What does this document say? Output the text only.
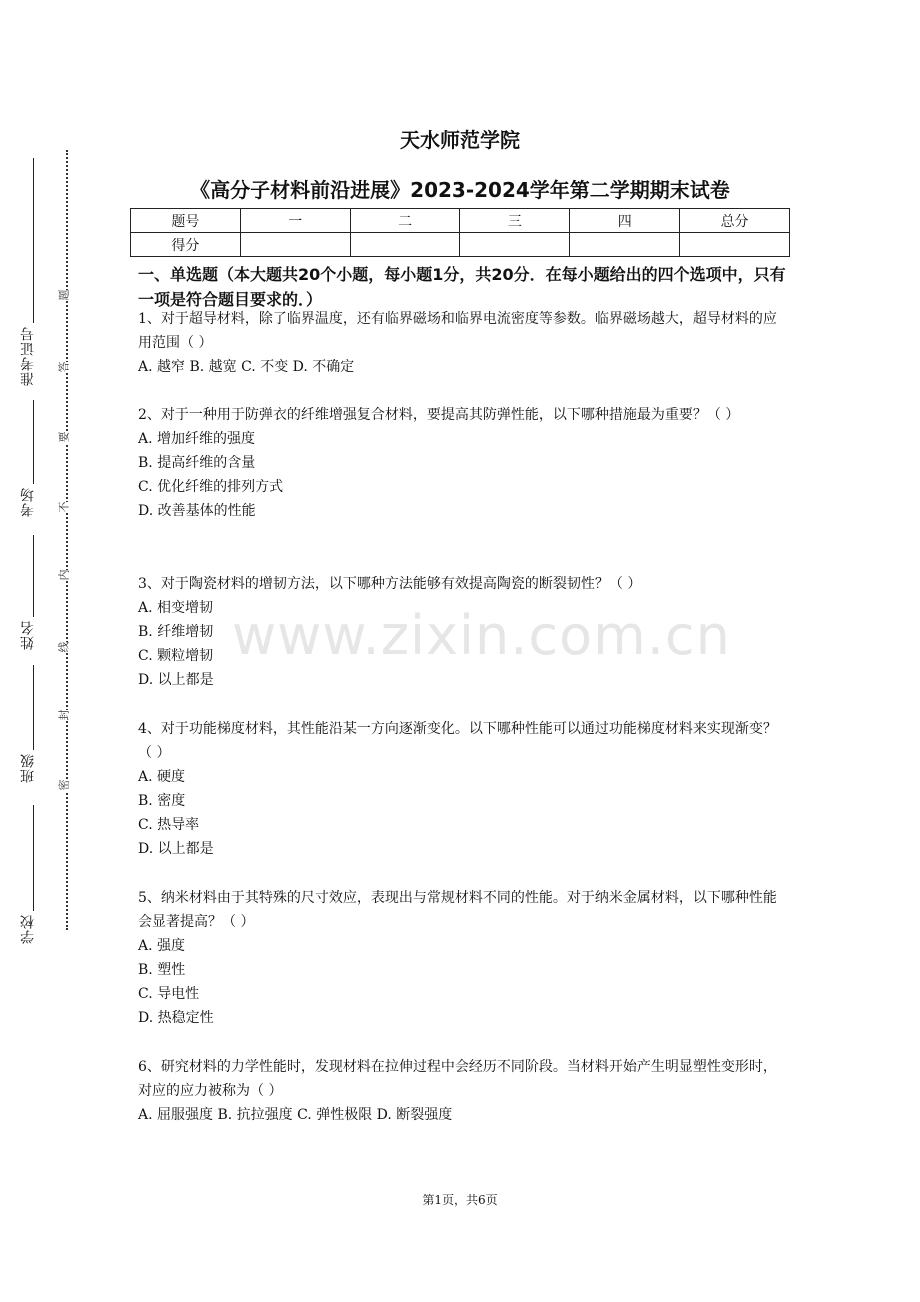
准考证号
考场
姓名
班级
学校
题
答
要
不
内
线
封
密
天水师范学院
《高分子材料前沿进展》2023-2024学年第二学期期末试卷
题号	一	二	三	四	总分
得分					
一、单选题（本大题共20个小题，每小题1分，共20分．在每小题给出的四个选项中，只有一项是符合题目要求的．）

1、对于超导材料，除了临界温度，还有临界磁场和临界电流密度等参数。临界磁场越大，超导材料的应用范围（ ）

A. 越窄 B. 越宽 C. 不变 D. 不确定

2、对于一种用于防弹衣的纤维增强复合材料，要提高其防弹性能，以下哪种措施最为重要？（ ）

A. 增加纤维的强度

B. 提高纤维的含量

C. 优化纤维的排列方式

D. 改善基体的性能

3、对于陶瓷材料的增韧方法，以下哪种方法能够有效提高陶瓷的断裂韧性？（ ）

A. 相变增韧

B. 纤维增韧

C. 颗粒增韧

D. 以上都是

4、对于功能梯度材料，其性能沿某一方向逐渐变化。以下哪种性能可以通过功能梯度材料来实现渐变？（ ）

A. 硬度

B. 密度

C. 热导率

D. 以上都是

5、纳米材料由于其特殊的尺寸效应，表现出与常规材料不同的性能。对于纳米金属材料，以下哪种性能会显著提高？（ ）

A. 强度

B. 塑性

C. 导电性

D. 热稳定性

6、研究材料的力学性能时，发现材料在拉伸过程中会经历不同阶段。当材料开始产生明显塑性变形时，对应的应力被称为（ ）

A. 屈服强度 B. 抗拉强度 C. 弹性极限 D. 断裂强度

www.zixin.com.cn
第1页，共6页
